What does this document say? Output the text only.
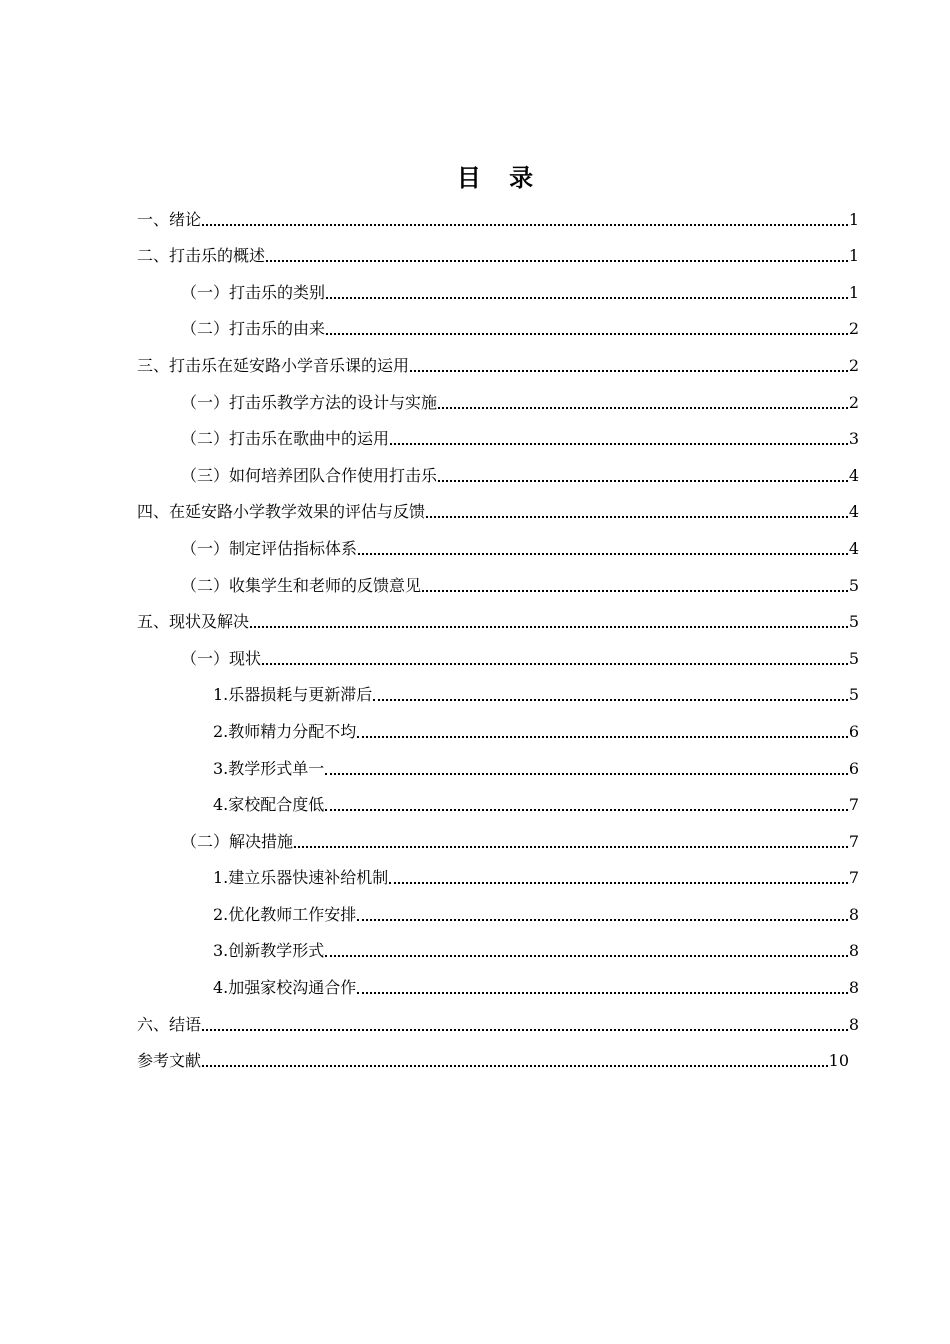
目 录
一、绪论	1
二、打击乐的概述	1
（一）打击乐的类别	1
（二）打击乐的由来	2
三、打击乐在延安路小学音乐课的运用	2
（一）打击乐教学方法的设计与实施	2
（二）打击乐在歌曲中的运用	3
（三）如何培养团队合作使用打击乐	4
四、在延安路小学教学效果的评估与反馈	4
（一）制定评估指标体系	4
（二）收集学生和老师的反馈意见	5
五、现状及解决	5
（一）现状	5
1.乐器损耗与更新滞后	5
2.教师精力分配不均	6
3.教学形式单一	6
4.家校配合度低	7
（二）解决措施	7
1.建立乐器快速补给机制	7
2.优化教师工作安排	8
3.创新教学形式	8
4.加强家校沟通合作	8
六、结语	8
参考文献	10
